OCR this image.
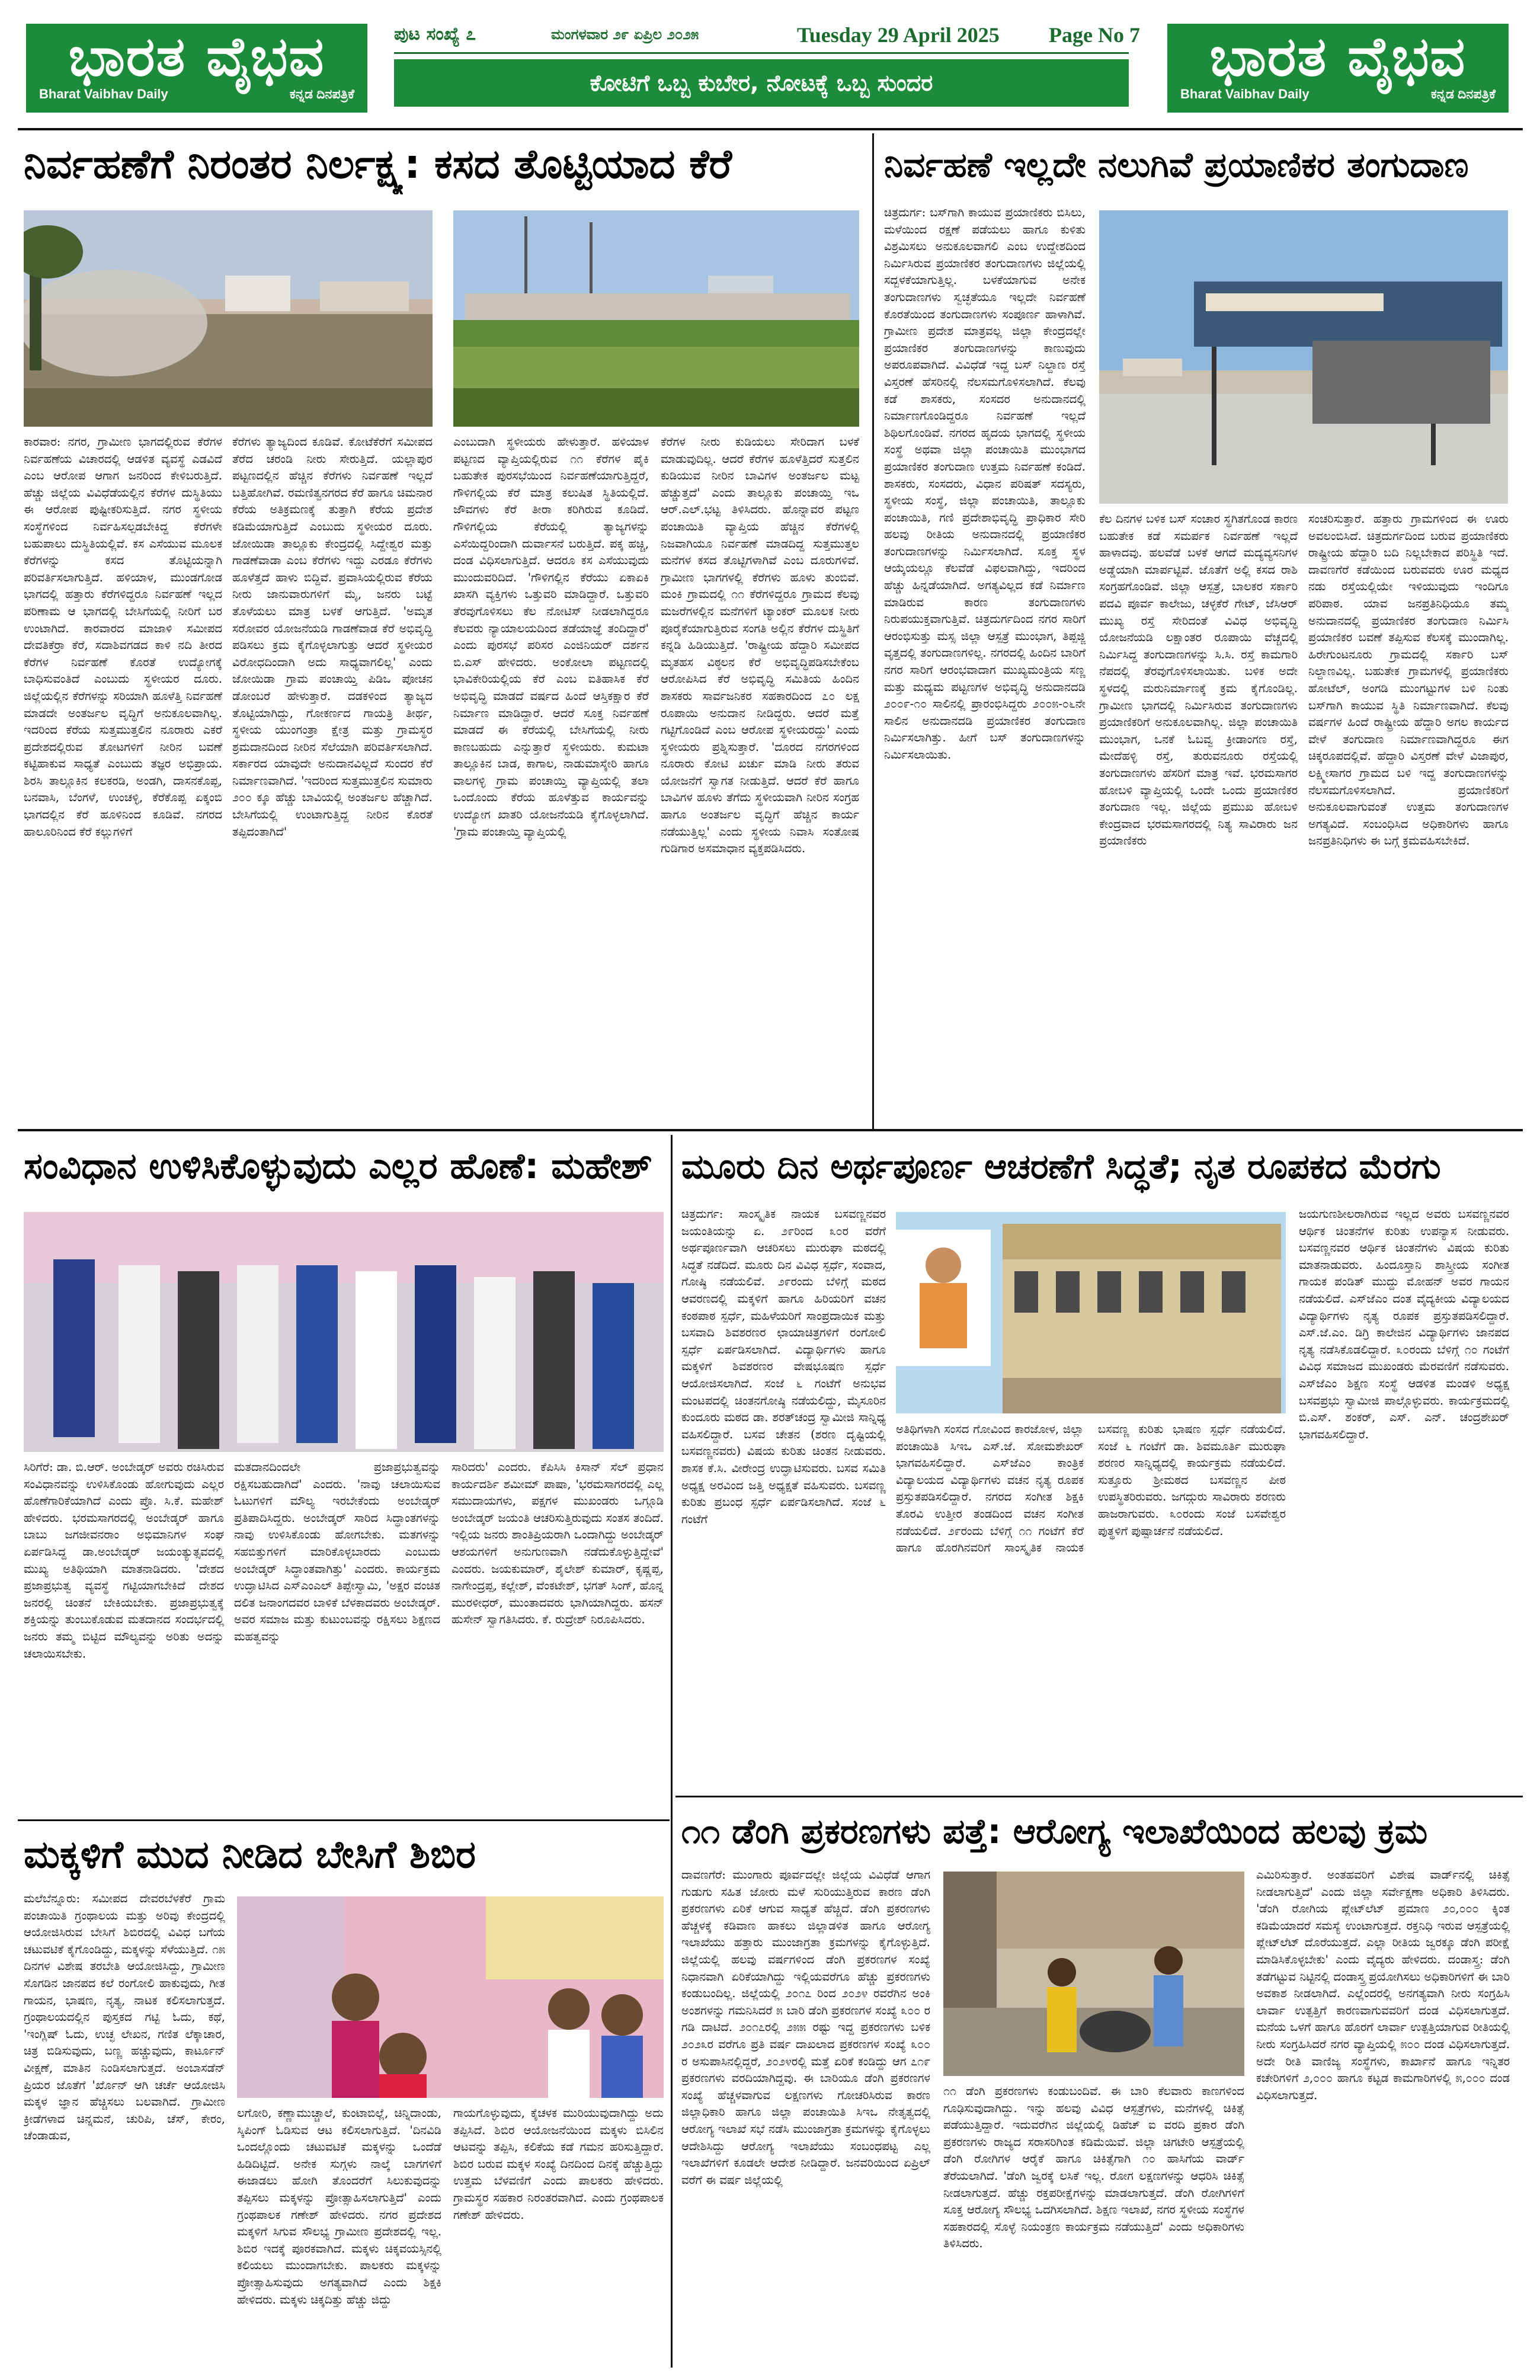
ಭಾರತ ವೈಭವ
Bharat Vaibhav Daily	ಕನ್ನಡ ದಿನಪತ್ರಿಕೆ
ಭಾರತ ವೈಭವ
Bharat Vaibhav Daily	ಕನ್ನಡ ದಿನಪತ್ರಿಕೆ
ಪುಟ ಸಂಖ್ಯೆ ೭	ಮಂಗಳವಾರ ೨೯ ಏಪ್ರಿಲ ೨೦೨೫	Tuesday 29 April 2025 Page No 7
ಕೋಟಿಗೆ ಒಬ್ಬ ಕುಬೇರ, ನೋಟಕ್ಕೆ ಒಬ್ಬ ಸುಂದರ
ನಿರ್ವಹಣೆಗೆ ನಿರಂತರ ನಿರ್ಲಕ್ಷ್ಯ: ಕಸದ ತೊಟ್ಟಿಯಾದ ಕೆರೆ
ಕಾರವಾರ: ನಗರ, ಗ್ರಾಮೀಣ ಭಾಗದಲ್ಲಿರುವ ಕೆರೆಗಳ ನಿರ್ವಹಣೆಯ ವಿಚಾರದಲ್ಲಿ ಆಡಳಿತ ವ್ಯವಸ್ಥೆ ಎಡವಿದೆ ಎಂಬ ಆರೋಪ ಆಗಾಗ ಜನರಿಂದ ಕೇಳಿಬರುತ್ತಿದೆ. ಹೆಚ್ಚು ಜಿಲ್ಲೆಯ ವಿವಿಧೆಡೆಯಲ್ಲಿನ ಕೆರೆಗಳ ದುಸ್ಥಿತಿಯು ಈ ಆರೋಪ ಪುಷ್ಟೀಕರಿಸುತ್ತಿದೆ. ನಗರ ಸ್ಥಳೀಯ ಸಂಸ್ಥೆಗಳಿಂದ ನಿರ್ವಹಿಸಲ್ಪಡಬೇಕಿದ್ದ ಕೆರೆಗಳೇ ಬಹುಪಾಲು ದುಸ್ಥಿತಿಯಲ್ಲಿವೆ. ಕಸ ಎಸೆಯುವ ಮೂಲಕ ಕೆರೆಗಳನ್ನು ಕಸದ ತೊಟ್ಟಿಯನ್ನಾಗಿ ಪರಿವರ್ತಿಸಲಾಗುತ್ತಿದೆ. ಹಳಿಯಾಳ, ಮುಂಡಗೋಡ ಭಾಗದಲ್ಲಿ ಹತ್ತಾರು ಕೆರೆಗಳಿದ್ದರೂ ನಿರ್ವಹಣೆ ಇಲ್ಲದ ಪರಿಣಾಮ ಆ ಭಾಗದಲ್ಲಿ ಬೇಸಿಗೆಯಲ್ಲಿ ನೀರಿಗೆ ಬರ ಉಂಟಾಗಿದೆ. ಕಾರವಾರದ ಮಾಜಾಳಿ ಸಮೀಪದ ದೇವತಿಕೆರ್ರಾ ಕೆರೆ, ಸದಾಶಿವಗಡದ ಕಾಳಿ ನದಿ ತೀರದ ಕೆರೆಗಳ ನಿರ್ವಹಣೆ ಕೊರತೆ ಉದ್ಯೋಗಕ್ಕೆ ಬಾಧಿಸುವಂತಿದೆ ಎಂಬುದು ಸ್ಥಳೀಯರ ದೂರು. ಜಿಲ್ಲೆಯಲ್ಲಿನ ಕೆರೆಗಳನ್ನು ಸರಿಯಾಗಿ ಹೂಳೆತ್ತಿ ನಿರ್ವಹಣೆ ಮಾಡದೇ ಅಂತರ್ಜಲ ವೃದ್ಧಿಗೆ ಅನುಕೂಲವಾಗಿಲ್ಲ. ಇದರಿಂದ ಕೆರೆಯ ಸುತ್ತಮುತ್ತಲಿನ ನೂರಾರು ಎಕರೆ ಪ್ರದೇಶದಲ್ಲಿರುವ ತೋಟಗಳಿಗೆ ನೀರಿನ ಬವಣೆ ಕಟ್ಟಿಹಾಕುವ ಸಾಧ್ಯತೆ ಎಂಬುದು ತಜ್ಞರ ಅಭಿಪ್ರಾಯ. ಶಿರಸಿ ತಾಲ್ಲೂಕಿನ ಕಲಕರಡಿ, ಅಂಡಗಿ, ದಾಸನಕೊಪ್ಪ, ಬನವಾಸಿ, ಬೆಂಗಳೆ, ಉಂಚಳ್ಳಿ, ಕೆರೆಕೊಪ್ಪ ಏಕ್ಕಂಬಿ ಭಾಗದಲ್ಲಿನ ಕೆರೆ ಹೂಳಿನಿಂದ ಕೂಡಿವೆ. ನಗರದ ಹಾಲೂರಿನಿಂದ ಕೆರೆ ಕಲ್ಲುಗಳಿಗೆ
ಕೆರೆಗಳು ತ್ಯಾಜ್ಯದಿಂದ ಕೂಡಿವೆ. ಕೋಟೆಕೆರೆಗೆ ಸಮೀಪದ ತೆರೆದ ಚರಂಡಿ ನೀರು ಸೇರುತ್ತಿದೆ. ಯಲ್ಲಾಪುರ ಪಟ್ಟಣದಲ್ಲಿನ ಹೆಚ್ಚಿನ ಕೆರೆಗಳು ನಿರ್ವಹಣೆ ಇಲ್ಲದೆ ಬತ್ತಿಹೋಗಿವೆ. ರಮಣಿತ್ವನಗರದ ಕೆರೆ ಹಾಗೂ ಚಿಮನಾರ ಕೆರೆಯ ಅತಿಕ್ರಮಣಕ್ಕೆ ತುತ್ತಾಗಿ ಕೆರೆಯ ಪ್ರದೇಶ ಕಡಿಮೆಯಾಗುತ್ತಿದೆ ಎಂಬುದು ಸ್ಥಳೀಯರ ದೂರು. ಜೋಯಿಡಾ ತಾಲ್ಲೂಕು ಕೇಂದ್ರದಲ್ಲಿ ಸಿದ್ದೇಶ್ವರ ಮತ್ತು ಗಾಡಣೆವಾಡಾ ಎಂಬ ಕೆರೆಗಳು ಇದ್ದು ಎರಡೂ ಕೆರೆಗಳು ಹೂಳೆತ್ತದೆ ಹಾಳು ಬಿದ್ದಿವೆ. ಪ್ರವಾಸಿಯಲ್ಲಿರುವ ಕೆರೆಯ ನೀರು ಜಾನುವಾರುಗಳಿಗೆ ಮೈ, ಜನರು ಬಟ್ಟೆ ತೊಳೆಯಲು ಮಾತ್ರ ಬಳಕೆ ಆಗುತ್ತಿದೆ. 'ಅಮೃತ ಸರೋವರ ಯೋಜನೆಯಡಿ ಗಾಡಣೆವಾಡ ಕೆರೆ ಅಭಿವೃದ್ಧಿ ಪಡಿಸಲು ಕ್ರಮ ಕೈಗೊಳ್ಳಲಾಗುತ್ತು ಆದರೆ ಸ್ಥಳೀಯರ ವಿರೋಧದಿಂದಾಗಿ ಅದು ಸಾಧ್ಯವಾಗಲಿಲ್ಲ' ಎಂದು ಜೋಯಿಡಾ ಗ್ರಾಮ ಪಂಚಾಯ್ತಿ ಪಿಡಿಒ ಪೋಚನ ಡೋಂಬರೆ ಹೇಳುತ್ತಾರೆ. ದಡಕಳಿಂದ ತ್ಯಾಜ್ಯದ ತೊಟ್ಟಿಯಾಗಿದ್ದು, ಗೋಕರ್ಣದ ಗಾಯತ್ರಿ ತೀರ್ಥ, ಸ್ಥಳೀಯ ಯುಂಗಂತ್ರಾ ಕ್ಷೇತ್ರ ಮತ್ತು ಗ್ರಾಮಸ್ಥರ ಶ್ರಮದಾನದಿಂದ ನೀರಿನ ಸೆಲೆಯಾಗಿ ಪರಿವರ್ತಿಸಲಾಗಿದೆ. ಸರ್ಕಾರದ ಯಾವುದೇ ಅನುದಾನವಿಲ್ಲದೆ ಸುಂದರ ಕೆರೆ ನಿರ್ಮಾಣವಾಗಿದೆ. 'ಇದರಿಂದ ಸುತ್ತಮುತ್ತಲಿನ ಸುಮಾರು ೨೦೦ ಕ್ಕೂ ಹೆಚ್ಚು ಬಾವಿಯಲ್ಲಿ ಅಂತರ್ಜಲ ಹೆಚ್ಚಾಗಿದೆ. ಬೇಸಿಗೆಯಲ್ಲಿ ಉಂಟಾಗುತ್ತಿದ್ದ ನೀರಿನ ಕೊರತೆ ತಪ್ಪಿದಂತಾಗಿದೆ'
ಎಂಬುದಾಗಿ ಸ್ಥಳೀಯರು ಹೇಳುತ್ತಾರೆ. ಹಳಿಯಾಳ ಪಟ್ಟಣದ ವ್ಯಾಪ್ತಿಯಲ್ಲಿರುವ ೧೧ ಕೆರೆಗಳ ಪೈಕಿ ಬಹುತೇಕ ಪುರಸಭೆಯಿಂದ ನಿರ್ವಹಣೆಯಾಗುತ್ತಿದ್ದರೆ, ಗೌಳಿಗಲ್ಲಿಯ ಕೆರೆ ಮಾತ್ರ ಕಲುಷಿತ ಸ್ಥಿತಿಯಲ್ಲಿದೆ. ಜೌವಗಳು ಕೆರೆ ತೀರಾ ಕರಿಗಿರುವ ಕೂಡಿದೆ. ಗೌಳಿಗಲ್ಲಿಯ ಕೆರೆಯಲ್ಲಿ ತ್ಯಾಜ್ಯಗಳನ್ನು ಎಸೆಯಿದ್ದರಿಂದಾಗಿ ದುರ್ವಾಸನೆ ಬರುತ್ತಿದೆ. ಪಕ್ಕ ಹಚ್ಚಿ, ದಂಡ ವಿಧಿಸಲಾಗುತ್ತಿದೆ. ಆದರೂ ಕಸ ಎಸೆಯುವುದು ಮುಂದುವರಿದಿದೆ. 'ಗೌಳಿಗಲ್ಲಿನ ಕೆರೆಯು ಏಕಾಏಕಿ ಖಾಸಗಿ ವ್ಯಕ್ತಿಗಳು ಒತ್ತುವರಿ ಮಾಡಿದ್ದಾರೆ. ಒತ್ತುವರಿ ತೆರವುಗೊಳಿಸಲು ಕೆಲ ನೋಟಿಸ್ ನೀಡಲಾಗಿದ್ದರೂ ಕೆಲವರು ನ್ಯಾಯಾಲಯದಿಂದ ತಡೆಯಾಜ್ಞೆ ತಂದಿದ್ದಾರೆ' ಎಂದು ಪುರಸಭೆ ಪರಿಸರ ಎಂಜಿನಿಯರ್ ದರ್ಶನ ಬಿ.ಎಸ್ ಹೇಳಿದರು. ಅಂಕೋಲಾ ಪಟ್ಟಣದಲ್ಲಿ ಭಾವಿಕೇರಿಯಲ್ಲಿಯ ಕೆರೆ ಎಂಬ ಐತಿಹಾಸಿಕ ಕೆರೆ ಅಭಿವೃದ್ಧಿ ಮಾಡದೆ ವರ್ಷದ ಹಿಂದೆ ಆಸ್ತಿಕಕ್ಷಾರ ಕೆರೆ ನಿರ್ಮಾಣ ಮಾಡಿದ್ದಾರೆ. ಆದರೆ ಸೂಕ್ತ ನಿರ್ವಹಣೆ ಮಾಡದೆ ಈ ಕೆರೆಯಲ್ಲಿ ಬೇಸಿಗೆಯಲ್ಲಿ ನೀರು ಕಾಣಬಹುದು ಎನ್ನುತ್ತಾರೆ ಸ್ಥಳೀಯರು. ಕುಮಟಾ ತಾಲ್ಲೂಕಿನ ಬಾಡ, ಕಾಗಾಲ, ನಾಡುಮಾಸ್ಕೇರಿ ಹಾಗೂ ವಾಲಗಳ್ಳಿ ಗ್ರಾಮ ಪಂಚಾಯ್ತಿ ವ್ಯಾಪ್ತಿಯಲ್ಲಿ ತಲಾ ಒಂದೊಂದು ಕೆರೆಯ ಹೂಳೆತ್ತುವ ಕಾರ್ಯವನ್ನು ಉದ್ಯೋಗ ಖಾತರಿ ಯೋಜನೆಯಡಿ ಕೈಗೊಳ್ಳಲಾಗಿದೆ. 'ಗ್ರಾಮ ಪಂಚಾಯ್ತಿ ವ್ಯಾಪ್ತಿಯಲ್ಲಿ
ಕೆರೆಗಳ ನೀರು ಕುಡಿಯಲು ಸೇರಿದಾಗ ಬಳಕೆ ಮಾಡುವುದಿಲ್ಲ. ಆದರೆ ಕೆರೆಗಳ ಹೂಳೆತ್ತಿದರೆ ಸುತ್ತಲಿನ ಕುಡಿಯುವ ನೀರಿನ ಬಾವಿಗಳ ಅಂತರ್ಜಲ ಮಟ್ಟ ಹೆಚ್ಚುತ್ತದೆ' ಎಂದು ತಾಲ್ಲೂಕು ಪಂಚಾಯ್ತಿ ಇಒ ಆರ್.ಎಲ್.ಭಟ್ಟ ತಿಳಿಸಿದರು. ಹೊನ್ನಾವರ ಪಟ್ಟಣ ಪಂಚಾಯಿತಿ ವ್ಯಾಪ್ತಿಯ ಹೆಚ್ಚಿನ ಕೆರೆಗಳಲ್ಲಿ ನಿಜವಾಗಿಯೂ ನಿರ್ವಹಣೆ ಮಾಡದಿದ್ದ ಸುತ್ತಮುತ್ತಲ ಮನೆಗಳ ಕಸದ ತೊಟ್ಟಿಗಳಾಗಿವೆ ಎಂಬ ದೂರುಗಳಿವೆ. ಗ್ರಾಮೀಣ ಭಾಗಗಳಲ್ಲಿ ಕೆರೆಗಳು ಹೂಳು ತುಂಬಿವೆ. ಮಂಕಿ ಗ್ರಾಮದಲ್ಲಿ ೧೧ ಕೆರೆಗಳಿದ್ದರೂ ಗ್ರಾಮದ ಕೆಲವು ಮಜರೆಗಳಲ್ಲಿನ ಮನೆಗಳಿಗೆ ಟ್ಯಾಂಕರ್ ಮೂಲಕ ನೀರು ಪೂರೈಕೆಯಾಗುತ್ತಿರುವ ಸಂಗತಿ ಅಲ್ಲಿನ ಕೆರೆಗಳ ದುಸ್ಥಿತಿಗೆ ಕನ್ನಡಿ ಹಿಡಿಯುತ್ತಿದೆ. 'ರಾಷ್ಟ್ರೀಯ ಹೆದ್ದಾರಿ ಸಮೀಪದ ಮೃತಹಸ ವಿಠ್ಠಲನ ಕೆರೆ ಅಭಿವೃದ್ಧಿಪಡಿಸಬೇಕೆಂಬ ಆರೋಪಿಸಿದ ಕೆರೆ ಅಭಿವೃದ್ಧಿ ಸಮಿತಿಯ ಹಿಂದಿನ ಶಾಸಕರು ಸಾರ್ವಜನಿಕರ ಸಹಕಾರದಿಂದ ೭೦ ಲಕ್ಷ ರೂಪಾಯಿ ಅನುದಾನ ನೀಡಿದ್ದರು. ಆದರೆ ಮತ್ತೆ ಗಟ್ಟಿಗೊಂಡಿದೆ ಎಂಬ ಆರೋಪ ಸ್ಥಳೀಯರದ್ದು' ಎಂದು ಸ್ಥಳೀಯರು ಪ್ರಶ್ನಿಸುತ್ತಾರೆ. 'ದೂರದ ನಗರಗಳಿಂದ ನೂರಾರು ಕೋಟಿ ಖರ್ಚು ಮಾಡಿ ನೀರು ತರುವ ಯೋಜನೆಗೆ ಸ್ವಾಗತ ನೀಡುತ್ತಿದೆ. ಆದರೆ ಕೆರೆ ಹಾಗೂ ಬಾವಿಗಳ ಹೂಳು ತೆಗೆದು ಸ್ಥಳೀಯವಾಗಿ ನೀರಿನ ಸಂಗ್ರಹ ಹಾಗೂ ಅಂತರ್ಜಲ ವೃದ್ಧಿಗೆ ಹೆಚ್ಚಿನ ಕಾರ್ಯ ನಡೆಯುತ್ತಿಲ್ಲ' ಎಂದು ಸ್ಥಳೀಯ ನಿವಾಸಿ ಸಂತೋಷ ಗುಡಿಗಾರ ಅಸಮಾಧಾನ ವ್ಯಕ್ತಪಡಿಸಿದರು.
ನಿರ್ವಹಣೆ ಇಲ್ಲದೇ ನಲುಗಿವೆ ಪ್ರಯಾಣಿಕರ ತಂಗುದಾಣ
ಚಿತ್ರದುರ್ಗ: ಬಸ್‌ಗಾಗಿ ಕಾಯುವ ಪ್ರಯಾಣಿಕರು ಬಿಸಿಲು, ಮಳೆಯಿಂದ ರಕ್ಷಣೆ ಪಡೆಯಲು ಹಾಗೂ ಕುಳಿತು ವಿಶ್ರಮಿಸಲು ಅನುಕೂಲವಾಗಲಿ ಎಂಬ ಉದ್ದೇಶದಿಂದ ನಿರ್ಮಿಸಿರುವ ಪ್ರಯಾಣಿಕರ ತಂಗುದಾಣಗಳು ಜಿಲ್ಲೆಯಲ್ಲಿ ಸದ್ಬಳಕೆಯಾಗುತ್ತಿಲ್ಲ. ಬಳಕೆಯಾಗುವ ಅನೇಕ ತಂಗುದಾಣಗಳು ಸ್ವಚ್ಛತೆಯೂ ಇಲ್ಲದೇ ನಿರ್ವಹಣೆ ಕೊರತೆಯಿಂದ ತಂಗುದಾಣಗಳು ಸಂಪೂರ್ಣ ಹಾಳಾಗಿವೆ. ಗ್ರಾಮೀಣ ಪ್ರದೇಶ ಮಾತ್ರವಲ್ಲ ಜಿಲ್ಲಾ ಕೇಂದ್ರದಲ್ಲೇ ಪ್ರಯಾಣಿಕರ ತಂಗುದಾಣಗಳನ್ನು ಕಾಣುವುದು ಅಪರೂಪವಾಗಿದೆ. ವಿವಿಧೆಡೆ ಇದ್ದ ಬಸ್ ನಿಲ್ದಾಣ ರಸ್ತೆ ವಿಸ್ತರಣೆ ಹೆಸರಿನಲ್ಲಿ ನೆಲಸಮಗೊಳಿಸಲಾಗಿದೆ. ಕೆಲವು ಕಡೆ ಶಾಸಕರು, ಸಂಸದರ ಅನುದಾನದಲ್ಲಿ ನಿರ್ಮಾಣಗೊಂಡಿದ್ದರೂ ನಿರ್ವಹಣೆ ಇಲ್ಲದೆ ಶಿಥಿಲಗೊಂಡಿವೆ. ನಗರದ ಹೃದಯ ಭಾಗದಲ್ಲಿ ಸ್ಥಳೀಯ ಸಂಸ್ಥೆ ಅಥವಾ ಜಿಲ್ಲಾ ಪಂಚಾಯಿತಿ ಮುಂಭಾಗದ ಪ್ರಯಾಣಿಕರ ತಂಗುದಾಣ ಉತ್ತಮ ನಿರ್ವಹಣೆ ಕಂಡಿದೆ. ಶಾಸಕರು, ಸಂಸದರು, ವಿಧಾನ ಪರಿಷತ್ ಸದಸ್ಯರು, ಸ್ಥಳೀಯ ಸಂಸ್ಥೆ, ಜಿಲ್ಲಾ ಪಂಚಾಯಿತಿ, ತಾಲ್ಲೂಕು ಪಂಚಾಯಿತಿ, ಗಣಿ ಪ್ರದೇಶಾಭಿವೃದ್ಧಿ ಪ್ರಾಧಿಕಾರ ಸೇರಿ ಹಲವು ರೀತಿಯ ಅನುದಾನದಲ್ಲಿ ಪ್ರಯಾಣಿಕರ ತಂಗುದಾಣಗಳನ್ನು ನಿರ್ಮಿಸಲಾಗಿದೆ. ಸೂಕ್ತ ಸ್ಥಳ ಆಯ್ಕೆಯಲ್ಲೂ ಕೆಲವೆಡೆ ವಿಫಲವಾಗಿದ್ದು, ಇದರಿಂದ ಹೆಚ್ಚು ಹಿನ್ನಡೆಯಾಗಿದೆ. ಅಗತ್ಯವಿಲ್ಲದ ಕಡೆ ನಿರ್ಮಾಣ ಮಾಡಿರುವ ಕಾರಣ ತಂಗುದಾಣಗಳು ನಿರುಪಯುಕ್ತವಾಗುತ್ತಿವೆ. ಚಿತ್ರದುರ್ಗದಿಂದ ನಗರ ಸಾರಿಗೆ ಆರಂಭಿಸುತ್ತು ಮಸ್ಸ ಜಿಲ್ಲಾ ಆಸ್ಪತ್ರೆ ಮುಂಭಾಗ, ತಿಪ್ಪಜ್ಜಿ ವೃತ್ತದಲ್ಲಿ ತಂಗುದಾಣಗಳಿಲ್ಲ. ನಗರದಲ್ಲಿ ಹಿಂದಿನ ಬಾರಿಗೆ ನಗರ ಸಾರಿಗೆ ಆರಂಭವಾದಾಗ ಮುಖ್ಯಮಂತ್ರಿಯ ಸಣ್ಣ ಮತ್ತು ಮಧ್ಯಮ ಪಟ್ಟಣಗಳ ಅಭಿವೃದ್ಧಿ ಅನುದಾನದಡಿ ೨೦೦೯-೧೦ ಸಾಲಿನಲ್ಲಿ ಪ್ರಾರಂಭಿಸಿದ್ದರು ೨೦೦೫-೦೬ನೇ ಸಾಲಿನ ಅನುದಾನದಡಿ ಪ್ರಯಾಣಿಕರ ತಂಗುದಾಣ ನಿರ್ಮಿಸಲಾಗಿತ್ತು. ಹೀಗೆ ಬಸ್ ತಂಗುದಾಣಗಳನ್ನು ನಿರ್ಮಿಸಲಾಯಿತು.
ಕೆಲ ದಿನಗಳ ಬಳಿಕ ಬಸ್ ಸಂಚಾರ ಸ್ಥಗಿತಗೊಂಡ ಕಾರಣ ಬಹುತೇಕ ಕಡೆ ಸಮರ್ಪಕ ನಿರ್ವಹಣೆ ಇಲ್ಲದೆ ಹಾಳಾದವು. ಹಲವೆಡೆ ಬಳಕೆ ಆಗದೆ ಮದ್ಯವ್ಯಸನಿಗಳ ಅಡ್ಡೆಯಾಗಿ ಮಾರ್ಪಟ್ಟಿವೆ. ಜೊತೆಗೆ ಅಲ್ಲಿ ಕಸದ ರಾಶಿ ಸಂಗ್ರಹಗೊಂಡಿವೆ. ಜಿಲ್ಲಾ ಆಸ್ಪತ್ರೆ, ಬಾಲಕರ ಸರ್ಕಾರಿ ಪದವಿ ಪೂರ್ವ ಕಾಲೇಜು, ಚಳ್ಳಕೆರೆ ಗೇಟ್, ಜೆಸಿಆರ್ ಮುಖ್ಯ ರಸ್ತೆ ಸೇರಿದಂತೆ ವಿವಿಧ ಅಭಿವೃದ್ಧಿ ಯೋಜನೆಯಡಿ ಲಕ್ಷಾಂತರ ರೂಪಾಯಿ ವೆಚ್ಚದಲ್ಲಿ ನಿರ್ಮಿಸಿದ್ದ ತಂಗುದಾಣಗಳನ್ನು ಸಿ.ಸಿ. ರಸ್ತೆ ಕಾಮಗಾರಿ ನೆಪದಲ್ಲಿ ತೆರವುಗೊಳಿಸಲಾಯಿತು. ಬಳಿಕ ಅದೇ ಸ್ಥಳದಲ್ಲಿ ಮರುನಿರ್ಮಾಣಕ್ಕೆ ಕ್ರಮ ಕೈಗೊಂಡಿಲ್ಲ. ಗ್ರಾಮೀಣ ಭಾಗದಲ್ಲಿ ನಿರ್ಮಿಸಿರುವ ತಂಗುದಾಣಗಳು ಪ್ರಯಾಣಿಕರಿಗೆ ಅನುಕೂಲವಾಗಿಲ್ಲ. ಜಿಲ್ಲಾ ಪಂಚಾಯಿತಿ ಮುಂಭಾಗ, ಒನಕೆ ಓಬವ್ವ ಕ್ರೀಡಾಂಗಣ ರಸ್ತೆ, ಮೇದೆಹಳ್ಳಿ ರಸ್ತೆ, ತುರುವನೂರು ರಸ್ತೆಯಲ್ಲಿ ತಂಗುದಾಣಗಳು ಹೆಸರಿಗೆ ಮಾತ್ರ ಇವೆ. ಭರಮಸಾಗರ ಹೋಬಳಿ ವ್ಯಾಪ್ತಿಯಲ್ಲಿ ಒಂದೇ ಒಂದು ಪ್ರಯಾಣಿಕರ ತಂಗುದಾಣ ಇಲ್ಲ. ಜಿಲ್ಲೆಯ ಪ್ರಮುಖ ಹೋಬಳಿ ಕೇಂದ್ರವಾದ ಭರಮಸಾಗರದಲ್ಲಿ ನಿತ್ಯ ಸಾವಿರಾರು ಜನ ಪ್ರಯಾಣಿಕರು
ಸಂಚರಿಸುತ್ತಾರೆ. ಹತ್ತಾರು ಗ್ರಾಮಗಳಿಂದ ಈ ಊರು ಅವಲಂಬಿಸಿದೆ. ಚಿತ್ರದುರ್ಗದಿಂದ ಬರುವ ಪ್ರಯಾಣಿಕರು ರಾಷ್ಟ್ರೀಯ ಹೆದ್ದಾರಿ ಬದಿ ನಿಲ್ಲಬೇಕಾದ ಪರಿಸ್ಥಿತಿ ಇದೆ. ದಾವಣಗೆರೆ ಕಡೆಯಿಂದ ಬರುವವರು ಊರ ಮಧ್ಯದ ನಡು ರಸ್ತೆಯಲ್ಲಿಯೇ ಇಳಿಯುವುದು ಇಂದಿಗೂ ಪರಿಪಾಠ. ಯಾವ ಜನಪ್ರತಿನಿಧಿಯೂ ತಮ್ಮ ಅನುದಾನದಲ್ಲಿ ಪ್ರಯಾಣಿಕರ ತಂಗುದಾಣ ನಿರ್ಮಿಸಿ ಪ್ರಯಾಣಿಕರ ಬವಣೆ ತಪ್ಪಿಸುವ ಕೆಲಸಕ್ಕೆ ಮುಂದಾಗಿಲ್ಲ. ಹಿರೇಗುಂಟನೂರು ಗ್ರಾಮದಲ್ಲಿ ಸರ್ಕಾರಿ ಬಸ್ ನಿಲ್ದಾಣವಿಲ್ಲ. ಬಹುತೇಕ ಗ್ರಾಮಗಳಲ್ಲಿ ಪ್ರಯಾಣಿಕರು ಹೋಟೆಲ್, ಅಂಗಡಿ ಮುಂಗಟ್ಟುಗಳ ಬಳಿ ನಿಂತು ಬಸ್‌ಗಾಗಿ ಕಾಯುವ ಸ್ಥಿತಿ ನಿರ್ಮಾಣವಾಗಿದೆ. ಕೆಲವು ವರ್ಷಗಳ ಹಿಂದೆ ರಾಷ್ಟ್ರೀಯ ಹೆದ್ದಾರಿ ಅಗಲ ಕಾರ್ಯದ ವೇಳೆ ತಂಗುದಾಣ ನಿರ್ಮಾಣವಾಗಿದ್ದರೂ ಈಗ ಚಿಕ್ಕರೂಪದಲ್ಲಿವೆ. ಹೆದ್ದಾರಿ ವಿಸ್ತರಣೆ ವೇಳೆ ವಿಜಾಪುರ, ಲಕ್ಷ್ಮೀಸಾಗರ ಗ್ರಾಮದ ಬಳಿ ಇದ್ದ ತಂಗುದಾಣಗಳನ್ನು ನೆಲಸಮಗೊಳಿಸಲಾಗಿದೆ. ಪ್ರಯಾಣಿಕರಿಗೆ ಅನುಕೂಲವಾಗುವಂತೆ ಉತ್ತಮ ತಂಗುದಾಣಗಳ ಅಗತ್ಯವಿದೆ. ಸಂಬಂಧಿಸಿದ ಅಧಿಕಾರಿಗಳು ಹಾಗೂ ಜನಪ್ರತಿನಿಧಿಗಳು ಈ ಬಗ್ಗೆ ಕ್ರಮವಹಿಸಬೇಕಿದೆ.
ಸಂವಿಧಾನ ಉಳಿಸಿಕೊಳ್ಳುವುದು ಎಲ್ಲರ ಹೊಣೆ: ಮಹೇಶ್
ಸಿರಿಗೆರೆ: ಡಾ. ಬಿ.ಆರ್. ಅಂಬೇಡ್ಕರ್ ಅವರು ರಚಿಸಿರುವ ಸಂವಿಧಾನವನ್ನು ಉಳಿಸಿಕೊಂಡು ಹೋಗುವುದು ಎಲ್ಲರ ಹೊಣೆಗಾರಿಕೆಯಾಗಿದೆ ಎಂದು ಪ್ರೊ. ಸಿ.ಕೆ. ಮಹೇಶ್ ಹೇಳಿದರು. ಭರಮಸಾಗರದಲ್ಲಿ ಅಂಬೇಡ್ಕರ್ ಹಾಗೂ ಬಾಬು ಜಗಜೀವನರಾಂ ಅಭಿಮಾನಿಗಳ ಸಂಘ ಏರ್ಪಡಿಸಿದ್ದ ಡಾ.ಅಂಬೇಡ್ಕರ್ ಜಯಂತ್ಯುತ್ಸವದಲ್ಲಿ ಮುಖ್ಯ ಅತಿಥಿಯಾಗಿ ಮಾತನಾಡಿದರು. 'ದೇಶದ ಪ್ರಜಾಪ್ರಭುತ್ವ ವ್ಯವಸ್ಥೆ ಗಟ್ಟಿಯಾಗಬೇಕಿದೆ ದೇಶದ ಜನರಲ್ಲಿ ಚಿಂತನೆ ಬೇಕಿಯಬೇಕು. ಪ್ರಜಾಪ್ರಭುತ್ವಕ್ಕೆ ಶಕ್ತಿಯನ್ನು ತುಂಬುಕೊಡುವ ಮತದಾನದ ಸಂದರ್ಭದಲ್ಲಿ ಜನರು ತಮ್ಮ ಬಿಟ್ಟಿದ ಮೌಲ್ಯವನ್ನು ಅರಿತು ಅದನ್ನು ಚಲಾಯಿಸಬೇಕು.
ಮತದಾನದಿಂದಲೇ ಪ್ರಜಾಪ್ರಭುತ್ವವನ್ನು ರಕ್ಷಿಸಬಹುದಾಗಿದೆ' ಎಂದರು. 'ನಾವು ಚಲಾಯಿಸುವ ಓಟುಗಳಿಗೆ ಮೌಲ್ಯ ಇರಬೇಕೆಂದು ಅಂಬೇಡ್ಕರ್ ಪ್ರತಿಪಾದಿಸಿದ್ದರು. ಅಂಬೇಡ್ಕರ್ ಸಾರಿದ ಸಿದ್ಧಾಂತಗಳನ್ನು ನಾವು ಉಳಿಸಿಕೊಂಡು ಹೋಗಬೇಕು. ಮತಗಳನ್ನು ಸಹಬಿತ್ತುಗಳಿಗೆ ಮಾರಿಕೊಳ್ಳಬಾರದು ಎಂಬುದು ಅಂಬೇಡ್ಕರ್ ಸಿದ್ಧಾಂತವಾಗಿತ್ತು' ಎಂದರು. ಕಾರ್ಯಕ್ರಮ ಉದ್ಘಾಟಿಸಿದ ಎಸ್‌ಎಂಎಲ್ ತಿಪ್ಪೇಸ್ವಾಮಿ, 'ಅಕ್ಷರ ವಂಚಿತ ದಲಿತ ಜನಾಂಗದವರ ಬಾಳಿಕೆ ಬೆಳಕಾದವರು ಅಂಬೇಡ್ಕರ್. ಅವರ ಸಮಾಜ ಮತ್ತು ಕುಟುಂಬವನ್ನು ರಕ್ಷಿಸಲು ಶಿಕ್ಷಣದ ಮಹತ್ವವನ್ನು
ಸಾರಿದರು' ಎಂದರು. ಕೆಪಿಸಿಸಿ ಕಿಸಾನ್ ಸೆಲ್ ಪ್ರಧಾನ ಕಾರ್ಯದರ್ಶಿ ಶಮೀಮ್ ಪಾಷಾ, 'ಭರಮಸಾಗರದಲ್ಲಿ ಎಲ್ಲ ಸಮುದಾಯಗಳು, ಪಕ್ಷಗಳ ಮುಖಂಡರು ಒಗ್ಗೂಡಿ ಅಂಬೇಡ್ಕರ್ ಜಯಂತಿ ಆಚರಿಸುತ್ತಿರುವುದು ಸಂತಸ ತಂದಿದೆ. ಇಲ್ಲಿಯ ಜನರು ಶಾಂತಿಪ್ರಿಯರಾಗಿ ಒಂದಾಗಿದ್ದು ಅಂಬೇಡ್ಕರ್ ಆಶಯಗಳಿಗೆ ಅನುಗುಣವಾಗಿ ನಡೆದುಕೊಳ್ಳುತ್ತಿದ್ದೇವೆ' ಎಂದರು. ಜಯಕುಮಾರ್, ಶೈಲೇಶ್ ಕುಮಾರ್, ಕೃಷ್ಣಪ್ಪ, ನಾಗೇಂದ್ರಪ್ಪ, ಕಲ್ಲೇಶ್, ವೆಂಕಟೇಶ್, ಭಗತ್ ಸಿಂಗ್, ಹೊನ್ನ ಮುರಳೀಧರ್, ಮುಂತಾದವರು ಭಾಗಿಯಾಗಿದ್ದರು. ಹಸನ್ ಹುಸೇನ್ ಸ್ವಾಗತಿಸಿದರು. ಕೆ. ರುದ್ರೇಶ್ ನಿರೂಪಿಸಿದರು.
ಮೂರು ದಿನ ಅರ್ಥಪೂರ್ಣ ಆಚರಣೆಗೆ ಸಿದ್ಧತೆ; ನೃತ ರೂಪಕದ ಮೆರಗು
ಚಿತ್ರದುರ್ಗ: ಸಾಂಸ್ಕೃತಿಕ ನಾಯಕ ಬಸವಣ್ಣನವರ ಜಯಂತಿಯನ್ನು ಏ. ೨೯ರಿಂದ ೩೦ರ ವರೆಗೆ ಅರ್ಥಪೂರ್ಣವಾಗಿ ಆಚರಿಸಲು ಮುರುಘಾ ಮಠದಲ್ಲಿ ಸಿದ್ಧತೆ ನಡೆದಿದೆ. ಮೂರು ದಿನ ವಿವಿಧ ಸ್ಪರ್ಧೆ, ಸಂವಾದ, ಗೋಷ್ಠಿ ನಡೆಯಲಿವೆ. ೨೯ರಂದು ಬೆಳಿಗ್ಗೆ ಮಠದ ಆವರಣದಲ್ಲಿ ಮಕ್ಕಳಿಗೆ ಹಾಗೂ ಹಿರಿಯರಿಗೆ ವಚನ ಕಂಠಪಾಠ ಸ್ಪರ್ಧೆ, ಮಹಿಳೆಯರಿಗೆ ಸಾಂಪ್ರದಾಯಿಕ ಮತ್ತು ಬಸವಾದಿ ಶಿವಶರಣರ ಛಾಯಾಚಿತ್ರಗಳಿಗೆ ರಂಗೋಲಿ ಸ್ಪರ್ಧೆ ಏರ್ಪಡಿಸಲಾಗಿದೆ. ವಿದ್ಯಾರ್ಥಿಗಳು ಹಾಗೂ ಮಕ್ಕಳಿಗೆ ಶಿವಶರಣರ ವೇಷಭೂಷಣ ಸ್ಪರ್ಧೆ ಆಯೋಜಿಸಲಾಗಿದೆ. ಸಂಜೆ ೬ ಗಂಟೆಗೆ ಅನುಭವ ಮಂಟಪದಲ್ಲಿ ಚಿಂತನಗೋಷ್ಠಿ ನಡೆಯಲಿದ್ದು, ಮೈಸೂರಿನ ಕುಂದೂರು ಮಠದ ಡಾ. ಶರತ್‌ಚಂದ್ರ ಸ್ವಾಮೀಜಿ ಸಾನ್ನಿಧ್ಯ ವಹಿಸಲಿದ್ದಾರೆ. ಬಸವ ಚೇತನ (ಶರಣ ದೃಷ್ಟಿಯಲ್ಲಿ ಬಸವಣ್ಣನವರು) ವಿಷಯ ಕುರಿತು ಚಿಂತನ ನೀಡುವರು. ಶಾಸಕ ಕೆ.ಸಿ. ವೀರೇಂದ್ರ ಉದ್ಘಾಟಿಸುವರು. ಬಸವ ಸಮಿತಿ ಅಧ್ಯಕ್ಷ ಅರವಿಂದ ಜತ್ತಿ ಅಧ್ಯಕ್ಷತೆ ವಹಿಸುವರು. ಬಸವಣ್ಣ ಕುರಿತು ಪ್ರಬಂಧ ಸ್ಪರ್ಧೆ ಏರ್ಪಡಿಸಲಾಗಿದೆ. ಸಂಜೆ ೬ ಗಂಟೆಗೆ
ಅತಿಥಿಗಳಾಗಿ ಸಂಸದ ಗೋವಿಂದ ಕಾರಜೋಳ, ಜಿಲ್ಲಾ ಪಂಚಾಯಿತಿ ಸಿಇಒ ಎಸ್.ಜೆ. ಸೋಮಶೇಖರ್ ಭಾಗವಹಿಸಲಿದ್ದಾರೆ. ಎಸ್‌ಜೆಎಂ ಕಾಂತ್ರಿಕ ವಿದ್ಯಾಲಯದ ವಿದ್ಯಾರ್ಥಿಗಳು ವಚನ ನೃತ್ಯ ರೂಪಕ ಪ್ರಸ್ತುತಪಡಿಸಲಿದ್ದಾರೆ. ನಗರದ ಸಂಗೀತ ಶಿಕ್ಷಕಿ ತೊರವಿ ಉತ್ತೀರ ತಂಡದಿಂದ ವಚನ ಸಂಗೀತ ನಡೆಯಲಿದೆ. ೨೯ರಂದು ಬೆಳಿಗ್ಗೆ ೧೧ ಗಂಟೆಗೆ ಕೆರೆ ಹಾಗೂ ಹೊರಗಿನವರಿಗೆ ಸಾಂಸ್ಕೃತಿಕ ನಾಯಕ ಬಸವಣ್ಣ ಕುರಿತು ಭಾಷಣ ಸ್ಪರ್ಧೆ ನಡೆಯಲಿದೆ. ಸಂಜೆ ೬ ಗಂಟೆಗೆ ಡಾ. ಶಿವಮೂರ್ತಿ ಮುರುಘಾ ಶರಣರ ಸಾನ್ನಿಧ್ಯದಲ್ಲಿ ಕಾರ್ಯಕ್ರಮ ನಡೆಯಲಿದೆ. ಸುತ್ತೂರು ಶ್ರೀಮಠದ ಬಸವಣ್ಣನ ಪೀಠ ಉಪಸ್ಥಿತರಿರುವರು. ಜಗದ್ಗುರು ಸಾವಿರಾರು ಶರಣರು ಹಾಜರಾಗುವರು. ೩೦ರಂದು ಸಂಜೆ ಬಸವೇಶ್ವರ ಪುತ್ಥಳಿಗೆ ಪುಷ್ಪಾರ್ಚನೆ ನಡೆಯಲಿದೆ.
ಜಯಗುಣಶೀಲರಾಗಿರುವ ಇಲ್ಲದ ಅವರು ಬಸವಣ್ಣನವರ ಆರ್ಥಿಕ ಚಿಂತನೆಗಳ ಕುರಿತು ಉಪನ್ಯಾಸ ನೀಡುವರು. ಬಸವಣ್ಣನವರ ಆರ್ಥಿಕ ಚಿಂತನೆಗಳು ವಿಷಯ ಕುರಿತು ಮಾತನಾಡುವರು. ಹಿಂದೂಸ್ತಾನಿ ಶಾಸ್ತ್ರೀಯ ಸಂಗೀತ ಗಾಯಕ ಪಂಡಿತ್ ಮುದ್ದು ಮೋಹನ್ ಅವರ ಗಾಯನ ನಡೆಯಲಿದೆ. ಎಸ್‌ಜೆಎಂ ದಂತ ವೈದ್ಯಕೀಯ ವಿದ್ಯಾಲಯದ ವಿದ್ಯಾರ್ಥಿಗಳು ನೃತ್ಯ ರೂಪಕ ಪ್ರಸ್ತುತಪಡಿಸಲಿದ್ದಾರೆ. ಎಸ್.ಜೆ.ಎಂ. ಡಿಗ್ರಿ ಕಾಲೇಜಿನ ವಿದ್ಯಾರ್ಥಿಗಳು ಜಾನಪದ ನೃತ್ಯ ನಡೆಸಿಕೊಡಲಿದ್ದಾರೆ. ೩೦ರಂದು ಬೆಳಿಗ್ಗೆ ೧೦ ಗಂಟೆಗೆ ವಿವಿಧ ಸಮಾಜದ ಮುಖಂಡರು ಮೆರವಣಿಗೆ ನಡೆಸುವರು. ಎಸ್‌ಜೆಎಂ ಶಿಕ್ಷಣ ಸಂಸ್ಥೆ ಆಡಳಿತ ಮಂಡಳಿ ಅಧ್ಯಕ್ಷ ಬಸವಪ್ರಭು ಸ್ವಾಮೀಜಿ ಪಾಲ್ಗೊಳ್ಳುವರು. ಕಾರ್ಯಕ್ರಮದಲ್ಲಿ ಬಿ.ಎಸ್. ಶಂಕರ್, ಎಸ್. ಎನ್. ಚಂದ್ರಶೇಖರ್ ಭಾಗವಹಿಸಲಿದ್ದಾರೆ.
ಮಕ್ಕಳಿಗೆ ಮುದ ನೀಡಿದ ಬೇಸಿಗೆ ಶಿಬಿರ
ಮಲೆಬೆನ್ನೂರು: ಸಮೀಪದ ದೇವರಬೆಳಕೆರೆ ಗ್ರಾಮ ಪಂಚಾಯಿತಿ ಗ್ರಂಥಾಲಯ ಮತ್ತು ಅರಿವು ಕೇಂದ್ರದಲ್ಲಿ ಆಯೋಜಿಸಿರುವ ಬೇಸಿಗೆ ಶಿಬಿರದಲ್ಲಿ ವಿವಿಧ ಬಗೆಯ ಚಟುವಟಿಕೆ ಕೈಗೊಂಡಿದ್ದು, ಮಕ್ಕಳನ್ನು ಸೆಳೆಯುತ್ತಿದೆ. ೧೫ ದಿನಗಳ ವಿಶೇಷ ತರಬೇತಿ ಆಯೋಜಿಸಿದ್ದು, ಗ್ರಾಮೀಣ ಸೊಗಡಿನ ಜಾನಪದ ಕಲೆ ರಂಗೋಲಿ ಹಾಕುವುದು, ಗೀತ ಗಾಯನ, ಭಾಷಣ, ನೃತ್ಯ, ನಾಟಕ ಕಲಿಸಲಾಗುತ್ತದೆ. ಗ್ರಂಥಾಲಯದಲ್ಲಿನ ಪುಸ್ತಕದ ಗಟ್ಟಿ ಓದು, ಕಥೆ, 'ಇಂಗ್ಲಿಷ್ ಓದು, ಉಚ್ಛ ಲೇಖನ, ಗಣಿತ ಲೆಕ್ಕಾಚಾರ, ಚಿತ್ರ ಬಿಡಿಸುವುದು, ಬಣ್ಣ ಹಚ್ಚುವುದು, ಕಾರ್ಟೂನ್ ವೀಕ್ಷಣೆ, ಮಾತಿನ ನಿಂಡಿಸಲಾಗುತ್ತದೆ. ಅಂಬಾಸಡೆನ್ ಪ್ರಿಯರ ಜೊತೆಗೆ 'ರ್ಖೊನ್ ಆಗಿ ಚರ್ಚೆ ಆಯೋಜಿಸಿ ಮಕ್ಕಳ ಜ್ಞಾನ ಹೆಚ್ಚಿಸಲು ಬಲವಾಗಿದೆ. ಗ್ರಾಮೀಣ ಕ್ರೀಡೆಗಳಾದ ಚಿನ್ನಮನೆ, ಚುರಿಪಿ, ಚೆಸ್, ಕೇರಂ, ಚೆಂಡಾಡುವ,
ಲಗೋರಿ, ಕಣ್ಣಾಮುಚ್ಚಾಲೆ, ಕುಂಟಾಬಿಲ್ಲೆ, ಚಿನ್ನಿದಾಂಡು, ಸ್ಕಿಪಿಂಗ್ ಓಡಿಸುವ ಆಟ ಕಲಿಸಲಾಗುತ್ತಿದೆ. 'ದಿನವಿಡಿ ಒಂದಲ್ಲೊಂದು ಚಟುವಟಿಕೆ ಮಕ್ಕಳನ್ನು ಒಂದೆಡೆ ಹಿಡಿದಿಟ್ಟಿದೆ. ಅನೇಕ ಸುಗ್ಗಳು ನಾಲ್ಕೆ ಬಾಗಗಳಿಗೆ ಈಜಾಡಲು ಹೋಗಿ ತೊಂದರೆಗೆ ಸಿಲುಕುವುದನ್ನು ತಪ್ಪಿಸಲು ಮಕ್ಕಳನ್ನು ಪ್ರೋತ್ಸಾಹಿಸಲಾಗುತ್ತಿದೆ' ಎಂದು ಗ್ರಂಥಪಾಲಕ ಗಣೇಶ್ ಹೇಳಿದರು. ನಗರ ಪ್ರದೇಶದ ಮಕ್ಕಳಿಗೆ ಸಿಗುವ ಸೌಲಭ್ಯ ಗ್ರಾಮೀಣ ಪ್ರದೇಶದಲ್ಲಿ ಇಲ್ಲ. ಶಿಬಿರ ಇದಕ್ಕೆ ಪೂರಕವಾಗಿದೆ. ಮಕ್ಕಳು ಚಿಕ್ಕವಯಸ್ಸಿನಲ್ಲಿ ಕಲಿಯಲು ಮುಂದಾಗಬೇಕು. ಪಾಲಕರು ಮಕ್ಕಳನ್ನು ಪ್ರೋತ್ಸಾಹಿಸುವುದು ಅಗತ್ಯವಾಗಿದೆ ಎಂದು ಶಿಕ್ಷಕಿ ಹೇಳಿದರು. ಮಕ್ಕಳು ಚಿಕ್ಕದಿತ್ತು ಹೆಚ್ಚು ಜಿದ್ದು
ಗಾಯಗೊಳ್ಳುವುದು, ಕೈಚಳಕ ಮುರಿಯುವುದಾಗಿದ್ದು ಅದು ತಪ್ಪಿಸಿದೆ. ಶಿಬಿರ ಆಯೋಜನೆಯಿಂದ ಮಕ್ಕಳು ಬಿಸಿಲಿನ ಆಟವನ್ನು ತಪ್ಪಿಸಿ, ಕಲಿಕೆಯ ಕಡೆ ಗಮನ ಹರಿಸುತ್ತಿದ್ದಾರೆ. ಶಿಬಿರ ಬರುವ ಮಕ್ಕಳ ಸಂಖ್ಯೆ ದಿನದಿಂದ ದಿನಕ್ಕೆ ಹೆಚ್ಚುತ್ತಿದ್ದು ಉತ್ತಮ ಬೆಳವಣಿಗೆ ಎಂದು ಪಾಲಕರು ಹೇಳಿದರು. ಗ್ರಾಮಸ್ಥರ ಸಹಕಾರ ನಿರಂತರವಾಗಿದೆ. ಎಂದು ಗ್ರಂಥಪಾಲಕ ಗಣೇಶ್ ಹೇಳಿದರು.
೧೧ ಡೆಂಗಿ ಪ್ರಕರಣಗಳು ಪತ್ತೆ: ಆರೋಗ್ಯ ಇಲಾಖೆಯಿಂದ ಹಲವು ಕ್ರಮ
ದಾವಣಗೆರೆ: ಮುಂಗಾರು ಪೂರ್ವದಲ್ಲೇ ಜಿಲ್ಲೆಯ ವಿವಿಧೆಡೆ ಆಗಾಗ ಗುಡುಗು ಸಹಿತ ಜೋರು ಮಳೆ ಸುರಿಯುತ್ತಿರುವ ಕಾರಣ ಡೆಂಗಿ ಪ್ರಕರಣಗಳು ಏರಿಕೆ ಆಗುವ ಸಾಧ್ಯತೆ ಹೆಚ್ಚಿದೆ. ಡೆಂಗಿ ಪ್ರಕರಣಗಳು ಹೆಚ್ಚಳಕ್ಕೆ ಕಡಿವಾಣ ಹಾಕಲು ಜಿಲ್ಲಾಡಳಿತ ಹಾಗೂ ಆರೋಗ್ಯ ಇಲಾಖೆಯು ಹತ್ತಾರು ಮುಂಜಾಗ್ರತಾ ಕ್ರಮಗಳನ್ನು ಕೈಗೊಳ್ಳುತ್ತಿದೆ. ಜಿಲ್ಲೆಯಲ್ಲಿ ಹಲವು ವರ್ಷಗಳಿಂದ ಡೆಂಗಿ ಪ್ರಕರಣಗಳ ಸಂಖ್ಯೆ ನಿಧಾನವಾಗಿ ಏರಿಕೆಯಾಗಿದ್ದು ಇಲ್ಲಿಯವರೆಗೂ ಹೆಚ್ಚು ಪ್ರಕರಣಗಳು ಕಂಡುಬಂದಿಲ್ಲ. ಜಿಲ್ಲೆಯಲ್ಲಿ ೨೦೧೭ ರಿಂದ ೨೦೨೪ ರವರೆಗಿನ ಅಂಕಿ ಅಂಶಗಳನ್ನು ಗಮನಿಸಿದರೆ ೫ ಬಾರಿ ಡೆಂಗಿ ಪ್ರಕರಣಗಳ ಸಂಖ್ಯೆ ೩೦೦ ರ ಗಡಿ ದಾಟಿದೆ. ೨೦೧೭ರಲ್ಲಿ ೨೫೫ ರಷ್ಟು ಇದ್ದ ಪ್ರಕರಣಗಳು ಬಳಿಕ ೨೦೨೩ರ ವರೆಗೂ ಪ್ರತಿ ವರ್ಷ ದಾಖಲಾದ ಪ್ರಕರಣಗಳ ಸಂಖ್ಯೆ ೩೦೦ ರ ಅಸುಪಾಸಿನಲ್ಲಿದ್ದರೆ, ೨೦೨೪ರಲ್ಲಿ ಮತ್ತೆ ಏರಿಕೆ ಕಂಡಿದ್ದು ಆಗ ೭೧೯ ಪ್ರಕರಣಗಳು ವರದಿಯಾಗಿದ್ದವು. ಈ ಬಾರಿಯೂ ಡೆಂಗಿ ಪ್ರಕರಣಗಳ ಸಂಖ್ಯೆ ಹೆಚ್ಚಳವಾಗುವ ಲಕ್ಷಣಗಳು ಗೋಚರಿಸಿರುವ ಕಾರಣ ಜಿಲ್ಲಾಧಿಕಾರಿ ಹಾಗೂ ಜಿಲ್ಲಾ ಪಂಚಾಯಿತಿ ಸಿಇಒ ನೇತೃತ್ವದಲ್ಲಿ ಆರೋಗ್ಯ ಇಲಾಖೆ ಸಭೆ ನಡೆಸಿ ಮುಂಜಾಗ್ರತಾ ಕ್ರಮಗಳನ್ನು ಕೈಗೊಳ್ಳಲು ಆದೇಶಿಸಿದ್ದು ಆರೋಗ್ಯ ಇಲಾಖೆಯು ಸಂಬಂಧಪಟ್ಟ ಎಲ್ಲ ಇಲಾಖೆಗಳಿಗೆ ಕೂಡಲೇ ಆದೇಶ ನೀಡಿದ್ದಾರೆ. ಜನವರಿಯಿಂದ ಏಪ್ರಿಲ್ ವರೆಗೆ ಈ ವರ್ಷ ಜಿಲ್ಲೆಯಲ್ಲಿ
೧೧ ಡೆಂಗಿ ಪ್ರಕರಣಗಳು ಕಂಡುಬಂದಿವೆ. ಈ ಬಾರಿ ಕೆಲವಾರು ಕಾಣಗಳಿಂದ ಗೂಢಿಸುವುದಾಗಿದ್ದು. ಇನ್ನು ಹಲವು ವಿವಿಧ ಆಸ್ಪತ್ರೆಗಳು, ಮನೆಗಳಲ್ಲಿ ಚಿಕಿತ್ಸೆ ಪಡೆಯುತ್ತಿದ್ದಾರೆ. ಇದುವರೆಗಿನ ಜಿಲ್ಲೆಯಲ್ಲಿ ಡಿಹೆಚ್ ಐ ವರದಿ ಪ್ರಕಾರ ಡೆಂಗಿ ಪ್ರಕರಣಗಳು ರಾಜ್ಯದ ಸರಾಸರಿಗಿಂತ ಕಡಿಮೆಯಿವೆ. ಜಿಲ್ಲಾ ಚಿಗಟೇರಿ ಆಸ್ಪತ್ರೆಯಲ್ಲಿ ಡೆಂಗಿ ರೋಗಿಗಳ ಆರೈಕೆ ಹಾಗೂ ಚಿಕಿತ್ಸೆಗಾಗಿ ೧೦ ಹಾಸಿಗೆಯ ವಾರ್ಡ್ ತೆರೆಯಲಾಗಿದೆ. 'ಡೆಂಗಿ ಜ್ವರಕ್ಕೆ ಲಸಿಕೆ ಇಲ್ಲ. ರೋಗ ಲಕ್ಷಣಗಳನ್ನು ಆಧರಿಸಿ ಚಿಕಿತ್ಸೆ ನೀಡಲಾಗುತ್ತದೆ. ಹೆಚ್ಚು ರಕ್ತಪರೀಕ್ಷೆಗಳನ್ನು ಮಾಡಲಾಗುತ್ತದೆ. ಡೆಂಗಿ ರೋಗಿಗಳಿಗೆ ಸೂಕ್ತ ಆರೋಗ್ಯ ಸೌಲಭ್ಯ ಒದಗಿಸಲಾಗಿದೆ. ಶಿಕ್ಷಣ ಇಲಾಖೆ, ನಗರ ಸ್ಥಳೀಯ ಸಂಸ್ಥೆಗಳ ಸಹಕಾರದಲ್ಲಿ ಸೊಳ್ಳೆ ನಿಯಂತ್ರಣ ಕಾರ್ಯಕ್ರಮ ನಡೆಯುತ್ತಿದೆ' ಎಂದು ಅಧಿಕಾರಿಗಳು ತಿಳಿಸಿದರು.
ಎಮಿರಿಸುತ್ತಾರೆ. ಅಂತಹವರಿಗೆ ವಿಶೇಷ ವಾರ್ಡ್‌ನಲ್ಲಿ ಚಿಕಿತ್ಸೆ ನೀಡಲಾಗುತ್ತಿದೆ' ಎಂದು ಜಿಲ್ಲಾ ಸರ್ವೇಕ್ಷಣಾ ಅಧಿಕಾರಿ ತಿಳಿಸಿದರು. 'ಡೆಂಗಿ ರೋಗಿಯ ಪ್ಲೇಟ್‌ಲೆಟ್ ಪ್ರಮಾಣ ೨೦,೦೦೦ ಕ್ಕಿಂತ ಕಡಿಮೆಯಾದರೆ ಸಮಸ್ಯೆ ಉಂಟಾಗುತ್ತದೆ. ರಕ್ತನಿಧಿ ಇರುವ ಆಸ್ಪತ್ರೆಯಲ್ಲಿ ಪ್ಲೇಟ್‌ಲೆಟ್ ದೊರೆಯುತ್ತದೆ. ಎಲ್ಲಾ ರೀತಿಯ ಜ್ವರಕ್ಕೂ ಡೆಂಗಿ ಪರೀಕ್ಷೆ ಮಾಡಿಸಿಕೊಳ್ಳಬೇಕು' ಎಂದು ವೈದ್ಯರು ಹೇಳಿದರು. ದಂಡಾಸ್ತ್ರ: ಡೆಂಗಿ ತಡೆಗಟ್ಟುವ ನಿಟ್ಟಿನಲ್ಲಿ ದಂಡಾಸ್ತ್ರ ಪ್ರಯೋಗಿಸಲು ಅಧಿಕಾರಿಗಳಿಗೆ ಈ ಬಾರಿ ಅವಕಾಶ ನೀಡಲಾಗಿದೆ. ಎಲ್ಲೆಂದರಲ್ಲಿ ಅನಗತ್ಯವಾಗಿ ನೀರು ಸಂಗ್ರಹಿಸಿ ಲಾರ್ವಾ ಉತ್ಪತ್ತಿಗೆ ಕಾರಣವಾಗುವವರಿಗೆ ದಂಡ ವಿಧಿಸಲಾಗುತ್ತದೆ. ಮನೆಯ ಒಳಗೆ ಹಾಗೂ ಹೊರಗೆ ಲಾರ್ವಾ ಉತ್ಪತ್ತಿಯಾಗುವ ರೀತಿಯಲ್ಲಿ ನೀರು ಸಂಗ್ರಹಿಸಿದರೆ ನಗರ ವ್ಯಾಪ್ತಿಯಲ್ಲಿ ೫೦೦ ದಂಡ ವಿಧಿಸಲಾಗುತ್ತದೆ. ಅದೇ ರೀತಿ ವಾಣಿಜ್ಯ ಸಂಸ್ಥೆಗಳು, ಕಾರ್ಖಾನೆ ಹಾಗೂ ಇನ್ನಿತರ ಕಚೇರಿಗಳಿಗೆ ೨,೦೦೦ ಹಾಗೂ ಕಟ್ಟಡ ಕಾಮಗಾರಿಗಳಲ್ಲಿ ೫,೦೦೦ ದಂಡ ವಿಧಿಸಲಾಗುತ್ತದೆ.
